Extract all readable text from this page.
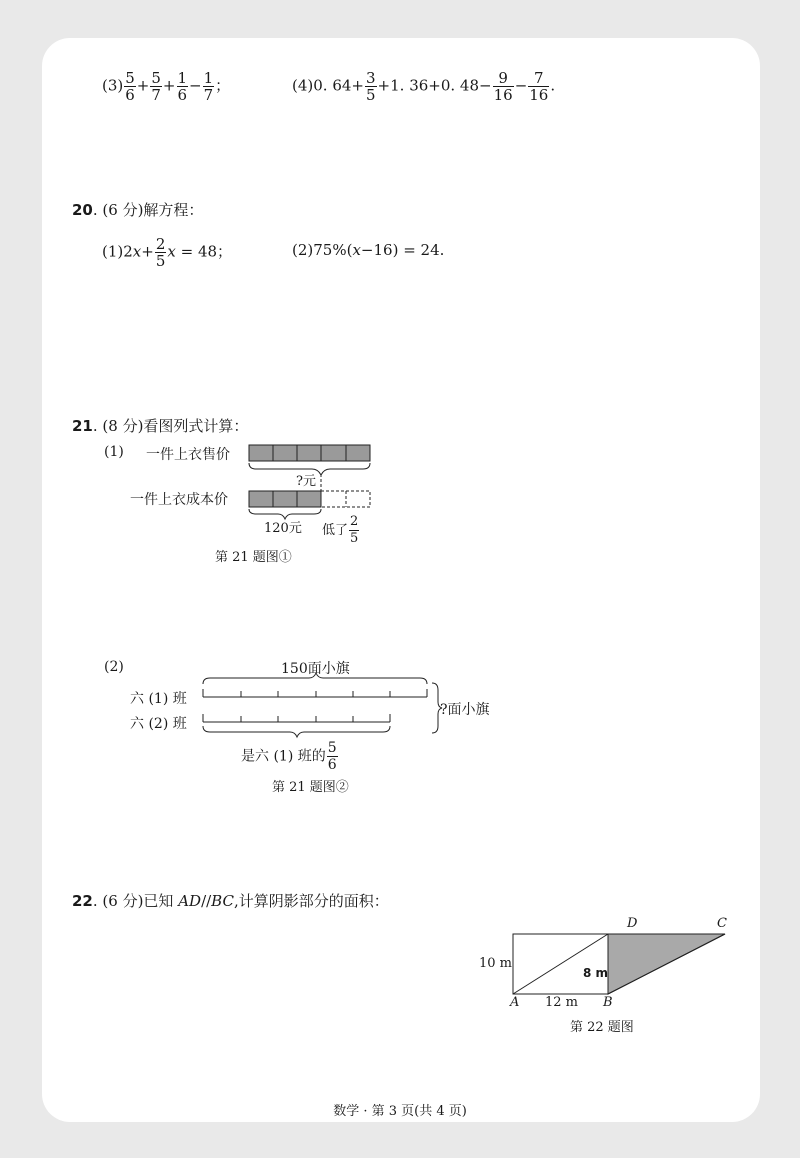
$(3) \frac{5}{6} + \frac{5}{7} + \frac{1}{6} - \frac{1}{7}$ ；	(4)0. $64+ \frac{3}{5} +1$. 36+0. $48- \frac{9}{16} - \frac{7}{16}$ .
20. (6 分)解方程：
$(1)2x+ \frac{2}{5}$ x = 48；	(2)75%(x−16) = 24.
21. (8 分)看图列式计算：
(1) 一件上衣售价
一件上衣成本价
?元
120元 低了 $\frac{2}{5}$
第 21 题图①
(2)	150面小旗
六 (1) 班
六 (2) 班
?面小旗
是六 (1) 班的 $\frac{5}{6}$
第 21 题图②
22. (6 分)已知 AD//BC,计算阴影部分的面积：
D	C
A	B
10 m
8 m
12 m
第 22 题图
数学 · 第 3 页(共 4 页)
